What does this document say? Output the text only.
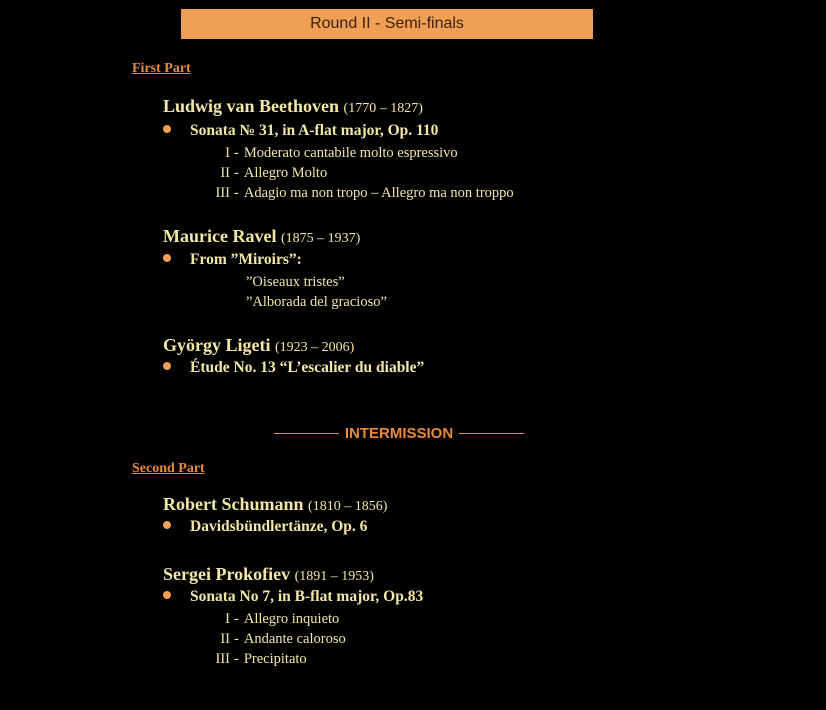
Round II - Semi-finals
First Part
Ludwig van Beethoven (1770 – 1827)
Sonata № 31, in A-flat major, Op. 110
I - Moderato cantabile molto espressivo
II - Allegro Molto
III - Adagio ma non tropo – Allegro ma non troppo
Maurice Ravel (1875 – 1937)
From ”Miroirs”:
”Oiseaux tristes”
”Alborada del gracioso”
György Ligeti (1923 – 2006)
Étude No. 13 “L’escalier du diable”
INTERMISSION
Second Part
Robert Schumann (1810 – 1856)
Davidsbündlertänze, Op. 6
Sergei Prokofiev (1891 – 1953)
Sonata No 7, in B-flat major, Op.83
I - Allegro inquieto
II - Andante caloroso
III - Precipitato
